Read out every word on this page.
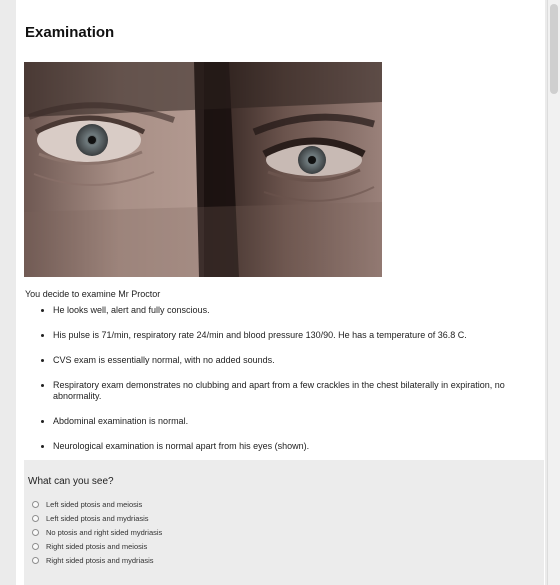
Examination

You decide to examine Mr Proctor

• He looks well, alert and fully conscious.
• His pulse is 71/min, respiratory rate 24/min and blood pressure 130/90. He has a temperature of 36.8 C.
• CVS exam is essentially normal, with no added sounds.
• Respiratory exam demonstrates no clubbing and apart from a few crackles in the chest bilaterally in expiration, no abnormality.
• Abdominal examination is normal.
• Neurological examination is normal apart from his eyes (shown).
What can you see?
Left sided ptosis and meiosis
Left sided ptosis and mydriasis
No ptosis and right sided mydriasis
Right sided ptosis and meiosis
Right sided ptosis and mydriasis
